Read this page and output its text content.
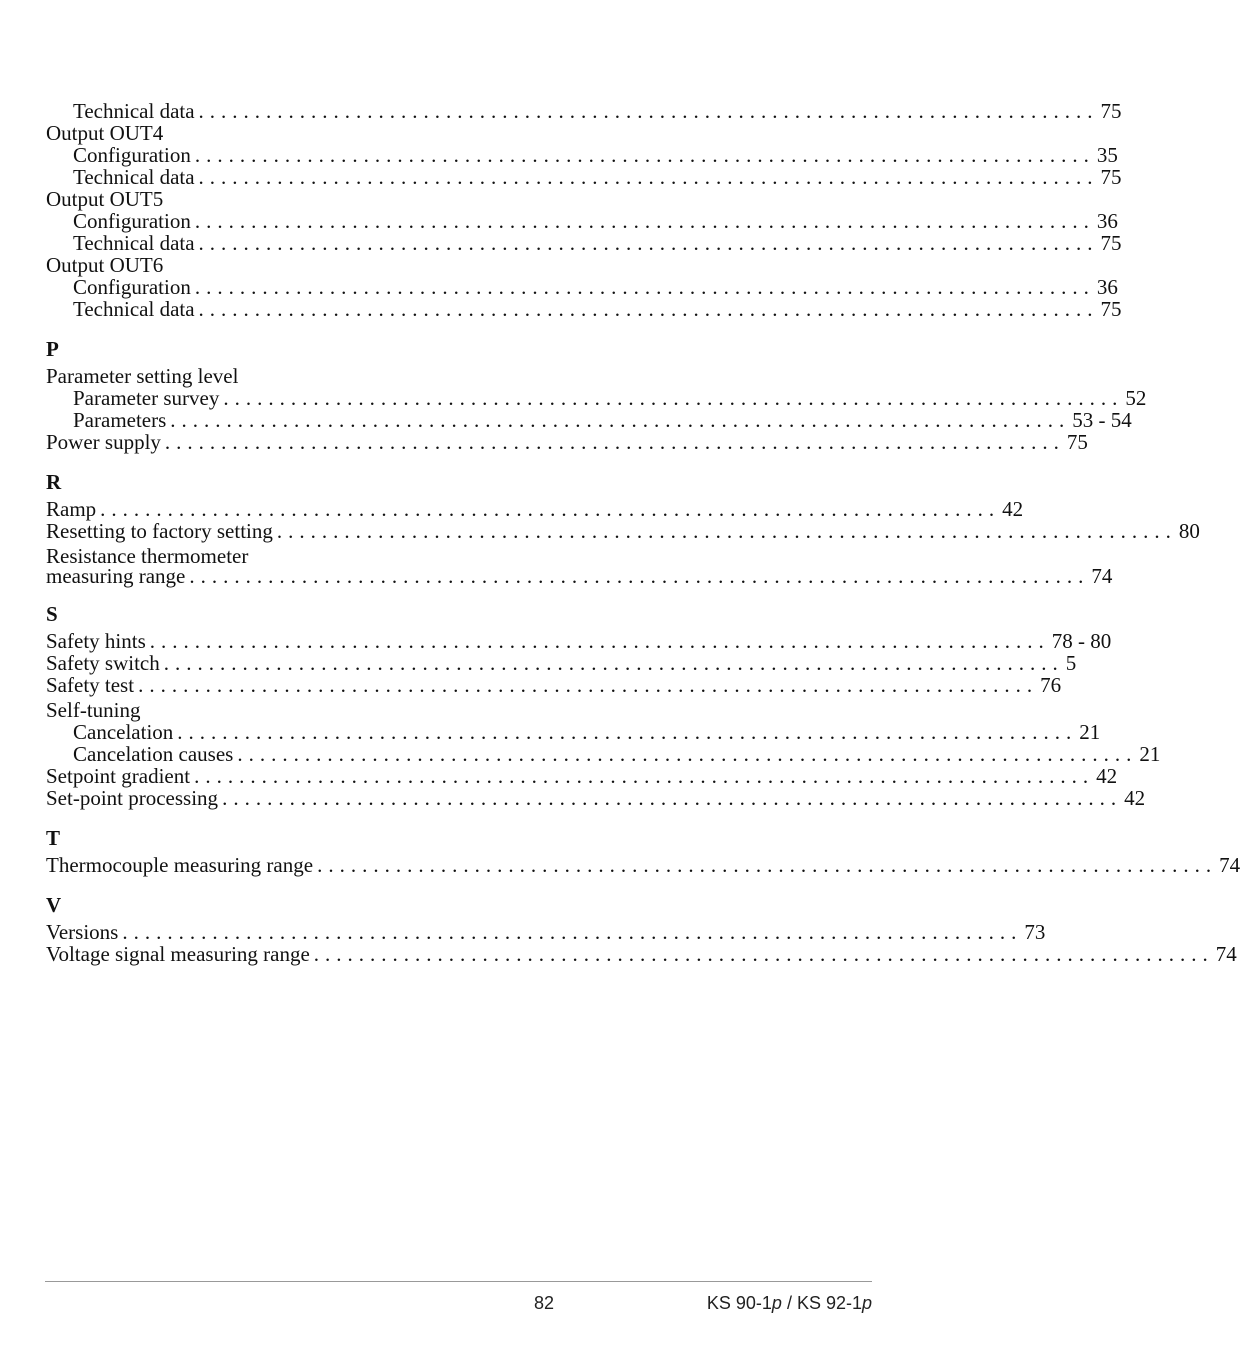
Technical data ................................................................................ 75
Output OUT4
Configuration ................................................................................ 35
Technical data ................................................................................ 75
Output OUT5
Configuration ................................................................................ 36
Technical data ................................................................................ 75
Output OUT6
Configuration ................................................................................ 36
Technical data ................................................................................ 75
P
Parameter setting level
Parameter survey ................................................................................ 52
Parameters ................................................................................ 53 - 54
Power supply ................................................................................ 75
R
Ramp ................................................................................ 42
Resetting to factory setting ................................................................................ 80
Resistance thermometer
measuring range ................................................................................ 74
S
Safety hints ................................................................................ 78 - 80
Safety switch ................................................................................ 5
Safety test ................................................................................ 76
Self-tuning
Cancelation ................................................................................ 21
Cancelation causes ................................................................................ 21
Setpoint gradient ................................................................................ 42
Set-point processing ................................................................................ 42
T
Thermocouple measuring range ................................................................................ 74
V
Versions ................................................................................ 73
Voltage signal measuring range ................................................................................ 74
82	KS 90-1p / KS 92-1p
